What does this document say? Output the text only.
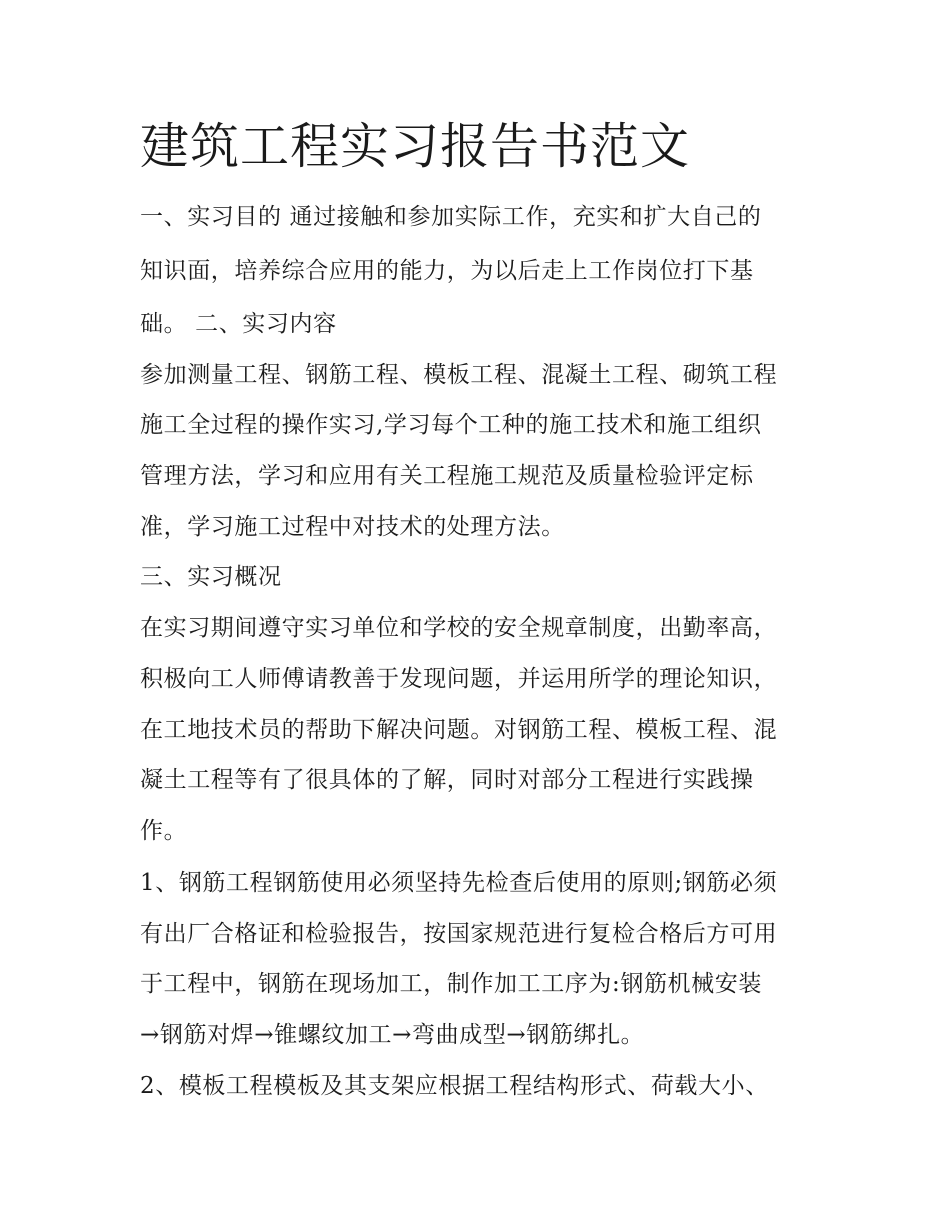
建筑工程实习报告书范文
一、实习目的 通过接触和参加实际工作，充实和扩大自己的
知识面，培养综合应用的能力，为以后走上工作岗位打下基
础。 二、实习内容
参加测量工程、钢筋工程、模板工程、混凝土工程、砌筑工程
施工全过程的操作实习,学习每个工种的施工技术和施工组织
管理方法，学习和应用有关工程施工规范及质量检验评定标
准，学习施工过程中对技术的处理方法。
三、实习概况
在实习期间遵守实习单位和学校的安全规章制度，出勤率高，
积极向工人师傅请教善于发现问题，并运用所学的理论知识，
在工地技术员的帮助下解决问题。对钢筋工程、模板工程、混
凝土工程等有了很具体的了解，同时对部分工程进行实践操
作。
1、钢筋工程钢筋使用必须坚持先检查后使用的原则;钢筋必须
有出厂合格证和检验报告，按国家规范进行复检合格后方可用
于工程中，钢筋在现场加工，制作加工工序为:钢筋机械安装
→钢筋对焊→锥螺纹加工→弯曲成型→钢筋绑扎。
2、模板工程模板及其支架应根据工程结构形式、荷载大小、
